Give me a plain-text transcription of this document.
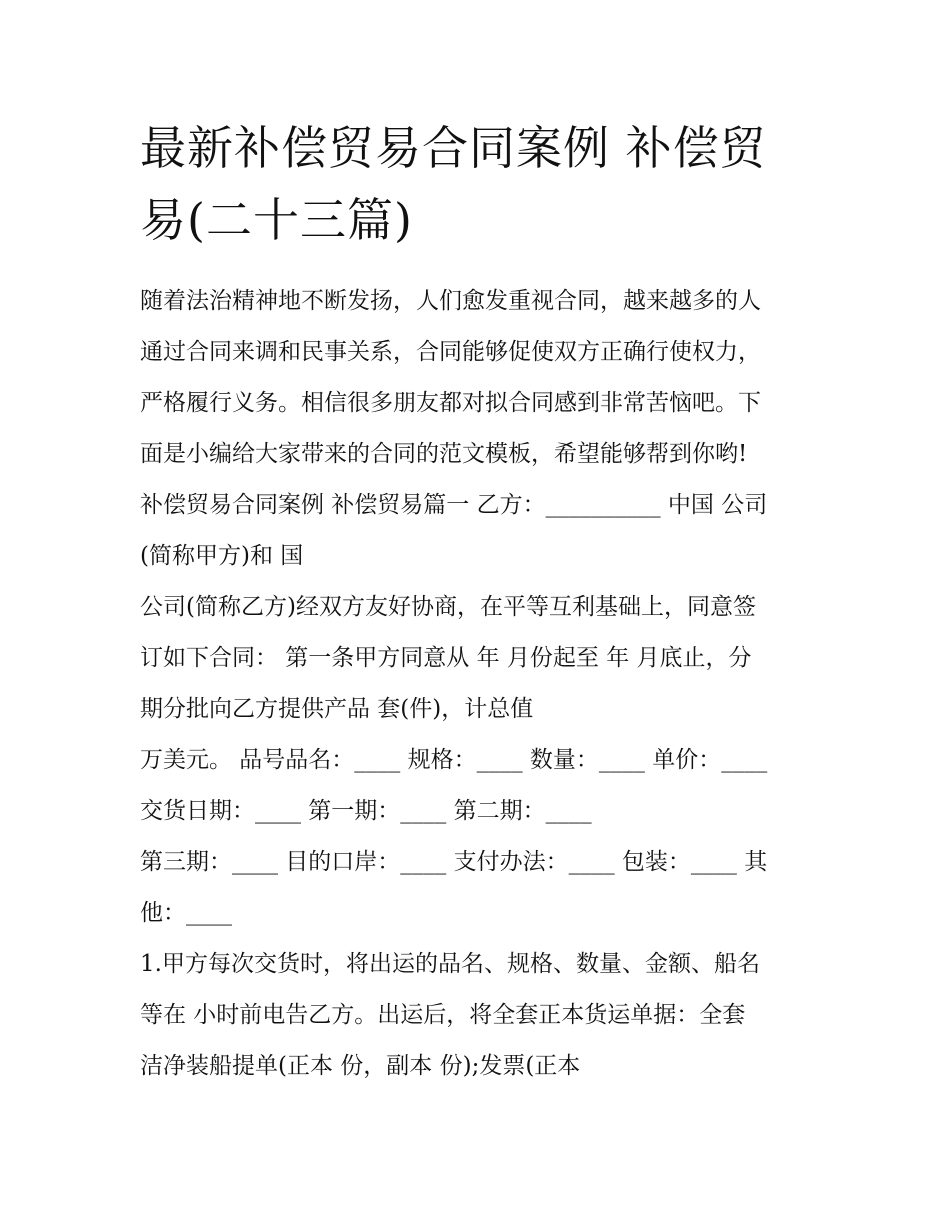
最新补偿贸易合同案例 补偿贸
易(二十三篇)
随着法治精神地不断发扬，人们愈发重视合同，越来越多的人
通过合同来调和民事关系，合同能够促使双方正确行使权力，
严格履行义务。相信很多朋友都对拟合同感到非常苦恼吧。下
面是小编给大家带来的合同的范文模板，希望能够帮到你哟!
补偿贸易合同案例 补偿贸易篇一 乙方：__________ 中国 公司
(简称甲方)和 国
公司(简称乙方)经双方友好协商，在平等互利基础上，同意签
订如下合同： 第一条甲方同意从 年 月份起至 年 月底止，分
期分批向乙方提供产品 套(件)，计总值
万美元。 品号品名：____ 规格：____ 数量：____ 单价：____
交货日期：____ 第一期：____ 第二期：____
第三期：____ 目的口岸：____ 支付办法：____ 包装：____ 其
他：____
1.甲方每次交货时，将出运的品名、规格、数量、金额、船名
等在 小时前电告乙方。出运后，将全套正本货运单据：全套
洁净装船提单(正本 份，副本 份);发票(正本
